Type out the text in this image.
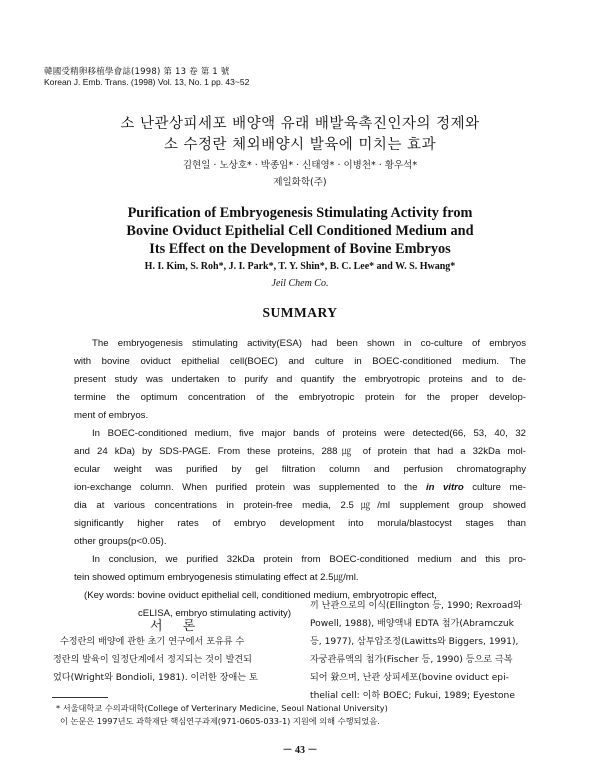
韓國受精卵移植學會誌(1998) 第 13 卷 第 1 號
Korean J. Emb. Trans. (1998) Vol. 13, No. 1 pp. 43~52
소 난관상피세포 배양액 유래 배발육촉진인자의 정제와
소 수정란 체외배양시 발육에 미치는 효과
김현일 · 노상호* · 박종임* · 신태영* · 이병천* · 황우석*
제일화학(주)
Purification of Embryogenesis Stimulating Activity from
Bovine Oviduct Epithelial Cell Conditioned Medium and
Its Effect on the Development of Bovine Embryos
H. I. Kim, S. Roh*, J. I. Park*, T. Y. Shin*, B. C. Lee* and W. S. Hwang*
Jeil Chem Co.
SUMMARY
The embryogenesis stimulating activity(ESA) had been shown in co-culture of embryos
with bovine oviduct epithelial cell(BOEC) and culture in BOEC-conditioned medium. The
present study was undertaken to purify and quantify the embryotropic proteins and to de-
termine the optimum concentration of the embryotropic protein for the proper develop-
ment of embryos.
In BOEC-conditioned medium, five major bands of proteins were detected(66, 53, 40, 32
and 24 kDa) by SDS-PAGE. From these proteins, 288㎍ of protein that had a 32kDa mol-
ecular weight was purified by gel filtration column and perfusion chromatography
ion-exchange column. When purified protein was supplemented to the in vitro culture me-
dia at various concentrations in protein-free media, 2.5㎍/ml supplement group showed
significantly higher rates of embryo development into morula/blastocyst stages than
other groups(p<0.05).
In conclusion, we purified 32kDa protein from BOEC-conditioned medium and this pro-
tein showed optimum embryogenesis stimulating effect at 2.5㎍/ml.
(Key words: bovine oviduct epithelial cell, conditioned medium, embryotropic effect,
cELISA, embryo stimulating activity)
서 론
수정란의 배양에 관한 초기 연구에서 포유류 수
정란의 발육이 일정단계에서 정지되는 것이 발견되
었다(Wright와 Bondioli, 1981). 이러한 장애는 토
끼 난관으로의 이식(Ellington 등, 1990; Rexroad와
Powell, 1988), 배양액내 EDTA 첨가(Abramczuk
등, 1977), 삼투압조정(Lawitts와 Biggers, 1991),
자궁관류액의 첨가(Fischer 등, 1990) 등으로 극복
되어 왔으며, 난관 상피세포(bovine oviduct epi-
thelial cell: 이하 BOEC; Fukui, 1989; Eyestone
* 서울대학교 수의과대학(College of Verterinary Medicine, Seoul National University)
이 논문은 1997년도 과학재단 핵심연구과제(971-0605-033-1) 지원에 의해 수행되었음.
－ 43 －
